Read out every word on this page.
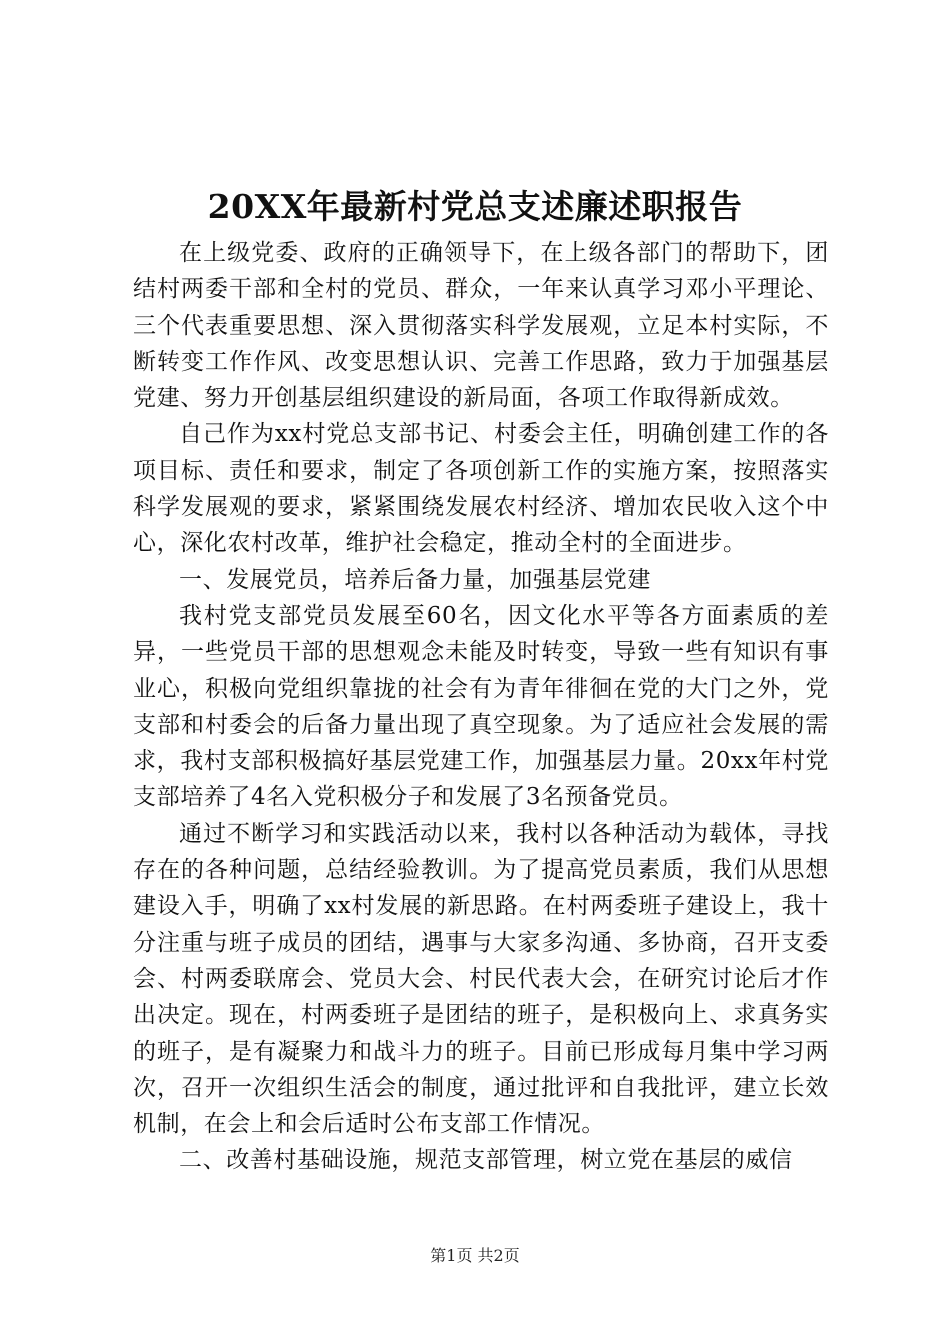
20XX年最新村党总支述廉述职报告

在上级党委、政府的正确领导下，在上级各部门的帮助下，团结村两委干部和全村的党员、群众，一年来认真学习邓小平理论、三个代表重要思想、深入贯彻落实科学发展观，立足本村实际，不断转变工作作风、改变思想认识、完善工作思路，致力于加强基层党建、努力开创基层组织建设的新局面，各项工作取得新成效。

自己作为xx村党总支部书记、村委会主任，明确创建工作的各项目标、责任和要求，制定了各项创新工作的实施方案，按照落实科学发展观的要求，紧紧围绕发展农村经济、增加农民收入这个中心，深化农村改革，维护社会稳定，推动全村的全面进步。

一、发展党员，培养后备力量，加强基层党建

我村党支部党员发展至60名，因文化水平等各方面素质的差异，一些党员干部的思想观念未能及时转变，导致一些有知识有事业心，积极向党组织靠拢的社会有为青年徘徊在党的大门之外，党支部和村委会的后备力量出现了真空现象。为了适应社会发展的需求，我村支部积极搞好基层党建工作，加强基层力量。20xx年村党支部培养了4名入党积极分子和发展了3名预备党员。

通过不断学习和实践活动以来，我村以各种活动为载体，寻找存在的各种问题，总结经验教训。为了提高党员素质，我们从思想建设入手，明确了xx村发展的新思路。在村两委班子建设上，我十分注重与班子成员的团结，遇事与大家多沟通、多协商，召开支委会、村两委联席会、党员大会、村民代表大会，在研究讨论后才作出决定。现在，村两委班子是团结的班子，是积极向上、求真务实的班子，是有凝聚力和战斗力的班子。目前已形成每月集中学习两次，召开一次组织生活会的制度，通过批评和自我批评，建立长效机制，在会上和会后适时公布支部工作情况。

二、改善村基础设施，规范支部管理，树立党在基层的威信

第1页 共2页
